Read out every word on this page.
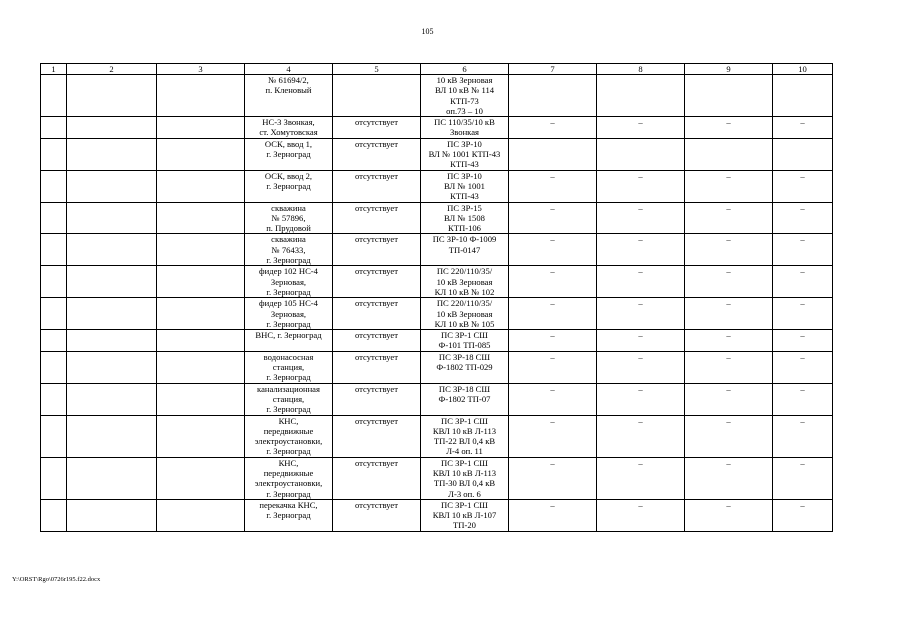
105
1	2	3	4	5	6	7	8	9	10

			№ 61694/2,
п. Кленовый		10 кВ Зерновая
ВЛ 10 кВ № 114
КТП-73
оп.73 – 10				

			НС-3 Звонкая,
ст. Хомутовская	отсутствует	ПС 110/35/10 кВ
Звонкая	–	–	–	–

			ОСК, ввод 1,
г. Зерноград	отсутствует	ПС ЗР-10
ВЛ № 1001 КТП-43
КТП-43				

			ОСК, ввод 2,
г. Зерноград	отсутствует	ПС ЗР-10
ВЛ № 1001
КТП-43	–	–	–	–

			скважина
№ 57896,
п. Прудовой	отсутствует	ПС ЗР-15
ВЛ № 1508
КТП-106	–	–	–	–

			скважина
№ 76433,
г. Зерноград	отсутствует	ПС ЗР-10 Ф-1009
ТП-0147	–	–	–	–

			фидер 102 НС-4
Зерновая,
г. Зерноград	отсутствует	ПС 220/110/35/
10 кВ Зерновая
КЛ 10 кВ № 102	–	–	–	–

			фидер 105 НС-4
Зерновая,
г. Зерноград	отсутствует	ПС 220/110/35/
10 кВ Зерновая
КЛ 10 кВ № 105	–	–	–	–

			ВНС, г. Зерноград	отсутствует	ПС ЗР-1 СШ
Ф-101 ТП-085	–	–	–	–

			водонасосная
станция,
г. Зерноград	отсутствует	ПС ЗР-18 СШ
Ф-1802 ТП-029	–	–	–	–

			канализационная
станция,
г. Зерноград	отсутствует	ПС ЗР-18 СШ
Ф-1802 ТП-07	–	–	–	–

			КНС,
передвижные
электроустановки,
г. Зерноград	отсутствует	ПС ЗР-1 СШ
КВЛ 10 кВ Л-113
ТП-22 ВЛ 0,4 кВ
Л-4 оп. 11	–	–	–	–

			КНС,
передвижные
электроустановки,
г. Зерноград	отсутствует	ПС ЗР-1 СШ
КВЛ 10 кВ Л-113
ТП-30 ВЛ 0,4 кВ
Л-3 оп. 6	–	–	–	–

			перекачка КНС,
г. Зерноград	отсутствует	ПС ЗР-1 СШ
КВЛ 10 кВ Л-107
ТП-20	–	–	–	–
Y:\ORST\Rgo\0726r195.f22.docx
